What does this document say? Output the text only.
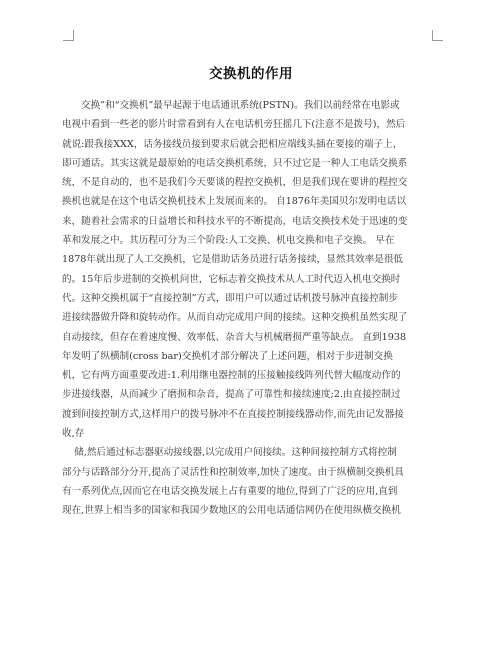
交换机的作用

交换”和“交换机”最早起源于电话通讯系统(PSTN)。我们以前经常在电影或
电视中看到一些老的影片时常看到有人在电话机旁狂摇几下(注意不是拨号)，然后
就说:跟我接XXX，话务接线员接到要求后就会把相应端线头插在要接的端子上，
即可通话。其实这就是最原始的电话交换机系统，只不过它是一种人工电话交换系
统，不是自动的，也不是我们今天要谈的程控交换机，但是我们现在要讲的程控交
换机也就是在这个电话交换机技术上发展而来的。 自1876年美国贝尔发明电话以
来，随着社会需求的日益增长和科技水平的不断提高，电话交换技术处于迅速的变
革和发展之中。其历程可分为三个阶段:人工交换、机电交换和电子交换。 早在
1878年就出现了人工交换机，它是借助话务员进行话务接续，显然其效率是很低
的。15年后步进制的交换机问世，它标志着交换技术从人工时代迈入机电交换时
代。这种交换机属于“直接控制”方式，即用户可以通过话机拨号脉冲直接控制步
进接续器做升降和旋转动作。从而自动完成用户间的接续。这种交换机虽然实现了
自动接续，但存在着速度慢、效率低、杂音大与机械磨损严重等缺点。 直到1938
年发明了纵横制(cross bar)交换机才部分解决了上述问题，相对于步进制交换
机，它有两方面重要改进:1.利用继电器控制的压接触接线阵列代替大幅度动作的
步进接线器，从而减少了磨损和杂音，提高了可靠性和接续速度;2.由直接控制过
渡到间接控制方式,这样用户的拨号脉冲不在直接控制接线器动作,而先由记发器接
收,存

储,然后通过标志器驱动接线器,以完成用户间接续。这种间接控制方式将控制
部分与话路部分分开,提高了灵活性和控制效率,加快了速度。由于纵横制交换机具
有一系列优点,因而它在电话交换发展上占有重要的地位,得到了广泛的应用,直到
现在,世界上相当多的国家和我国少数地区的公用电话通信网仍在使用纵横交换机
